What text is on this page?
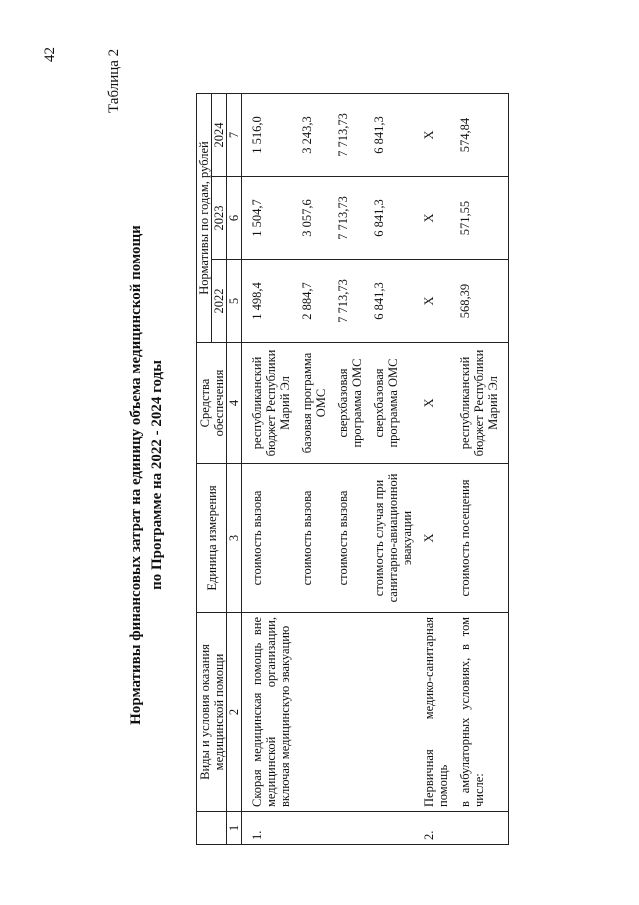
42	Таблица 2
Нормативы финансовых затрат на единицу объема медицинской помощи по Программе на 2022 - 2024 годы
	Виды и условия оказания медицинской помощи	Единица измерения	Средства обеспечения	Нормативы по годам, рублей		
				2022	2023	2024
1	2	3	4	5	6	7
1.	Скорая медицинская помощь вне медицинской организации, включая медицинскую эвакуацию	стоимость вызова	республиканский бюджет Республики Марий Эл	1 498,4	1 504,7	1 516,0
		стоимость вызова	базовая программа ОМС	2 884,7	3 057,6	3 243,3
		стоимость вызова	сверхбазовая программа ОМС	7 713,73	7 713,73	7 713,73
		стоимость случая при санитарно-авиационной эвакуации	сверхбазовая программа ОМС	6 841,3	6 841,3	6 841,3
2.	Первичная медико-санитарная помощь	Х	Х	Х	Х	Х
	в амбулаторных условиях, в том числе:	стоимость посещения	республиканский бюджет Республики Марий Эл	568,39	571,55	574,84
